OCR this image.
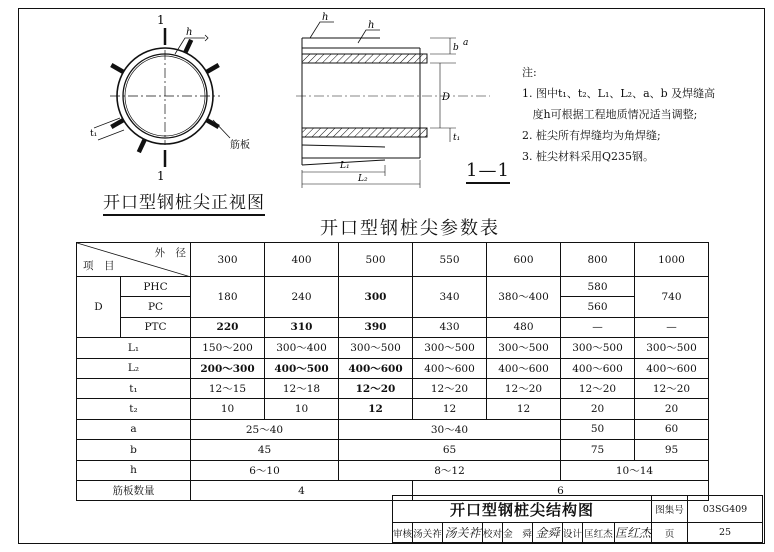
1
1
h
t₁
筋板
开口型钢桩尖正视图
h
h
b a
D
t₁
L₁
L₂	1—1
注:
1. 图中t₁、t₂、L₁、L₂、a、b 及焊缝高
度h可根据工程地质情况适当调整;
2. 桩尖所有焊缝均为角焊缝;
3. 桩尖材料采用Q235钢。
开口型钢桩尖参数表
外　径
项　目		300	400	500	550	600	800	1000
D	PHC	180	240	300	340	380～400	580	740
	PC						560	
	PTC	220	310	390	430	480	—	—
L₁		150～200	300～400	300～500	300～500	300～500	300～500	300～500
L₂		200～300	400～500	400～600	400～600	400～600	400～600	400～600
t₁		12～15	12～18	12～20	12～20	12～20	12～20	12～20
t₂		10	10	12	12	12	20	20
a		25～40		30～40			50	60
b		45		65			75	95
h		6～10		8～12			10～14	
筋板数量		4			6			
开口型钢桩尖结构图									图集号	03SG409
审核	汤关祚	汤关祚	校对	金　舜	金舜	设计	匡红杰	匡红杰	页	25
